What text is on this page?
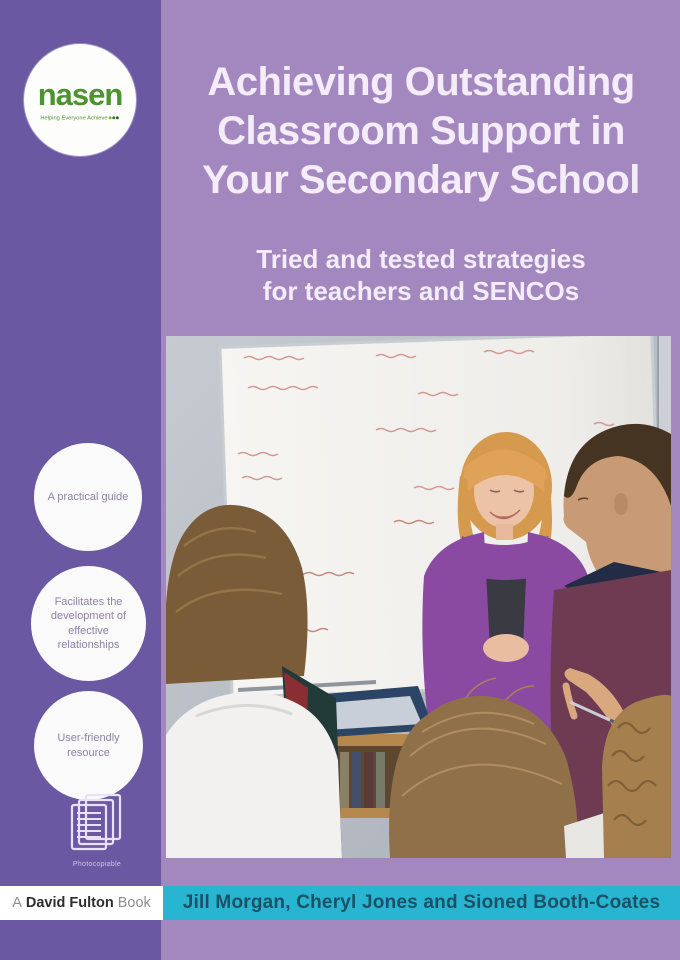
nasen
Helping Everyone Achieve
A practical guide
Facilitates the development of effective relationships
User-friendly resource
Photocopiable
Achieving Outstanding
Classroom Support in
Your Secondary School
Tried and tested strategies
for teachers and SENCOs
A David Fulton Book Jill Morgan, Cheryl Jones and Sioned Booth-Coates
